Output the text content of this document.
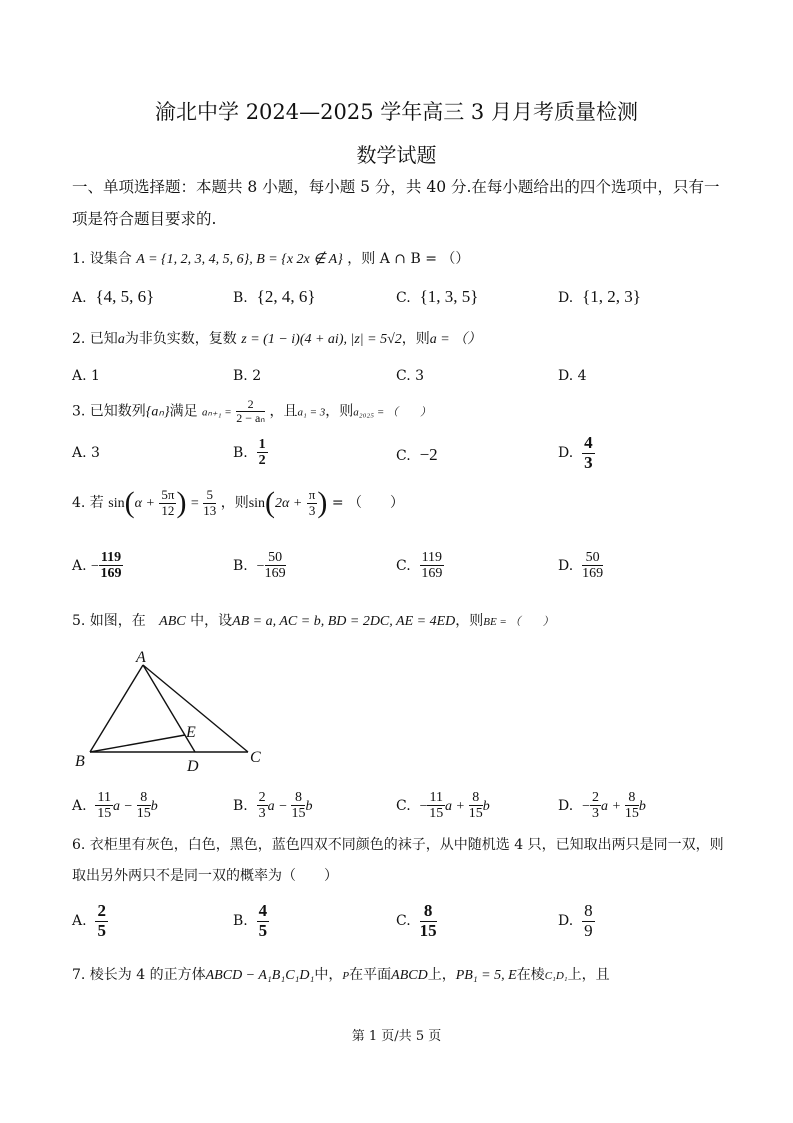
渝北中学 2024—2025 学年高三 3 月月考质量检测
数学试题
一、单项选择题：本题共 8 小题，每小题 5 分，共 40 分.在每小题给出的四个选项中，只有一
项是符合题目要求的.
1. 设集合 A = {1, 2, 3, 4, 5, 6}, B = {x 2x ∉ A} ，则 A ∩ B = （）
A. {4, 5, 6}	B. {2, 4, 6}	C. {1, 3, 5}	D. {1, 2, 3}
2. 已知a为非负实数，复数 z = (1 − i)(4 + ai), |z| = 5√2，则a = （）
A. 1	B. 2	C. 3	D. 4
3. 已知数列{aₙ}满足 $a_{n+1} = \frac{2}{\text{2 − aₙ}}$ ，且a₁ = 3，则a₂₀₂₅ = （　　）
A. 3	B. $\frac{1}{2}$	C. −2	D. $\frac{4}{3}$
4. 若 $\sin(\alpha + \frac{5\pi}{12}$ ) = $\frac{5}{13}$ ，则$\sin(2\alpha + \frac{\pi}{3}$ ) = （　　）
A. − $\frac{119}{169}$	B. − $\frac{50}{169}$	C. $\frac{119}{169}$	D. $\frac{50}{169}$
5. 如图，在 ABC 中，设AB = a, AC = b, BD = 2DC, AE = 4ED，则BE = （　　）
A
B	C
D
E
A. $\frac{11}{15}$ $a - \frac{8}{15}$ b	B. $\frac{2}{3}$ $a - \frac{8}{15}$ b	C. − $\frac{11}{15}$ $a + \frac{8}{15}$ b	D. − $\frac{2}{3}$ $a + \frac{8}{15}$ b
6. 衣柜里有灰色，白色，黑色，蓝色四双不同颜色的袜子，从中随机选 4 只，已知取出两只是同一双，则
取出另外两只不是同一双的概率为（　　）
A. $\frac{2}{5}$	B. $\frac{4}{5}$	C. $\frac{8}{15}$	D. $\frac{8}{9}$
7. 棱长为 4 的正方体ABCD − A₁B₁C₁D₁中，P在平面ABCD上，PB₁ = 5, E在棱C₁D₁上，且
第 1 页/共 5 页
